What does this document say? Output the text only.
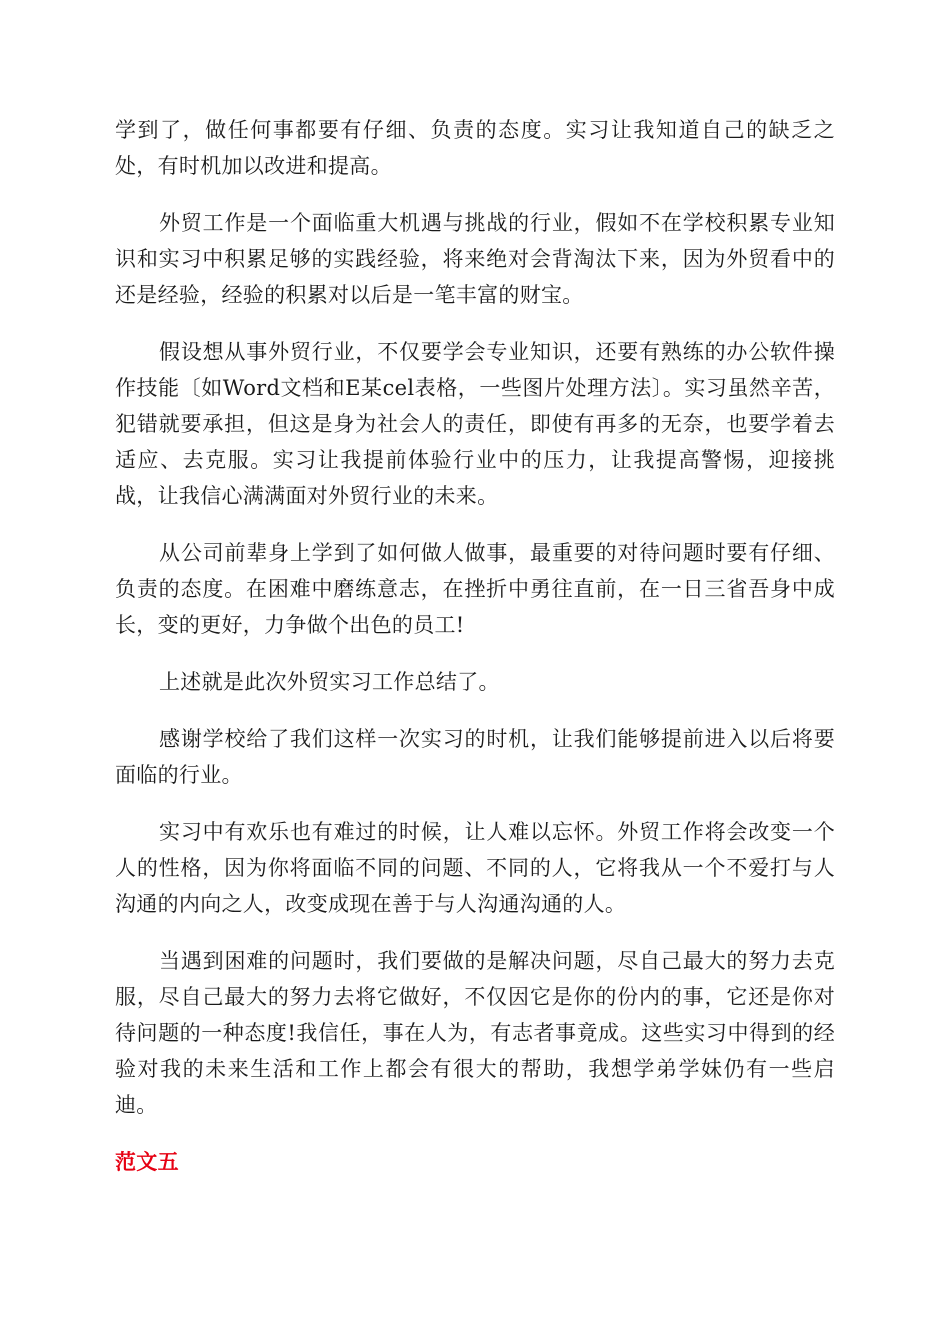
学到了，做任何事都要有仔细、负责的态度。实习让我知道自己的缺乏之处，有时机加以改进和提高。

外贸工作是一个面临重大机遇与挑战的行业，假如不在学校积累专业知识和实习中积累足够的实践经验，将来绝对会背淘汰下来，因为外贸看中的还是经验，经验的积累对以后是一笔丰富的财宝。

假设想从事外贸行业，不仅要学会专业知识，还要有熟练的办公软件操作技能〔如Word文档和E某cel表格，一些图片处理方法〕。实习虽然辛苦，犯错就要承担，但这是身为社会人的责任，即使有再多的无奈，也要学着去适应、去克服。实习让我提前体验行业中的压力，让我提高警惕，迎接挑战，让我信心满满面对外贸行业的未来。

从公司前辈身上学到了如何做人做事，最重要的对待问题时要有仔细、负责的态度。在困难中磨练意志，在挫折中勇往直前，在一日三省吾身中成长，变的更好，力争做个出色的员工!

上述就是此次外贸实习工作总结了。

感谢学校给了我们这样一次实习的时机，让我们能够提前进入以后将要面临的行业。

实习中有欢乐也有难过的时候，让人难以忘怀。外贸工作将会改变一个人的性格，因为你将面临不同的问题、不同的人，它将我从一个不爱打与人沟通的内向之人，改变成现在善于与人沟通沟通的人。

当遇到困难的问题时，我们要做的是解决问题，尽自己最大的努力去克服，尽自己最大的努力去将它做好，不仅因它是你的份内的事，它还是你对待问题的一种态度!我信任，事在人为，有志者事竟成。这些实习中得到的经验对我的未来生活和工作上都会有很大的帮助，我想学弟学妹仍有一些启迪。

范文五
